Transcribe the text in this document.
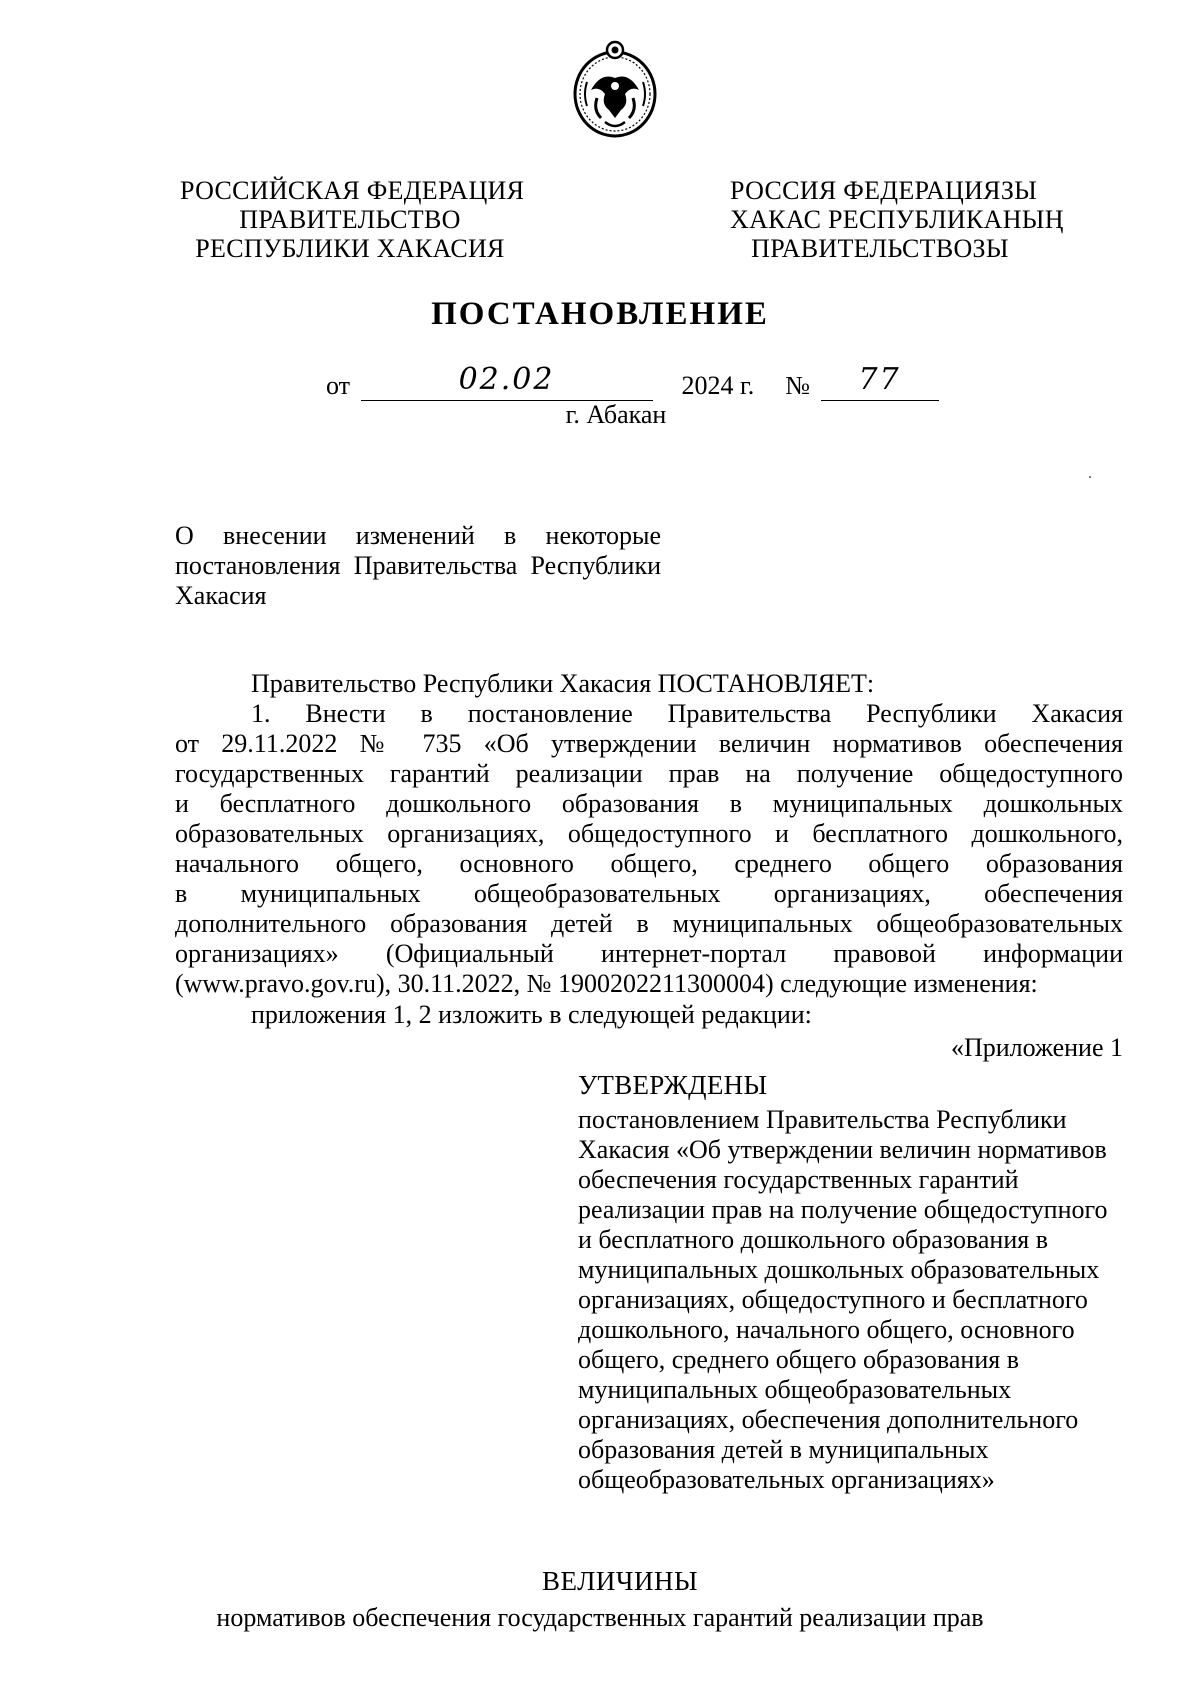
РОССИЙСКАЯ ФЕДЕРАЦИЯ
ПРАВИТЕЛЬСТВО
РЕСПУБЛИКИ ХАКАСИЯ
РОССИЯ ФЕДЕРАЦИЯЗЫ
ХАКАС РЕСПУБЛИКАНЫҢ
ПРАВИТЕЛЬСТВОЗЫ
ПОСТАНОВЛЕНИЕ
от	02.02	2024 г. № 77
г. Абакан
О внесении изменений в некоторые
постановления Правительства Республики
Хакасия
Правительство Республики Хакасия ПОСТАНОВЛЯЕТ:
1. Внести в постановление Правительства Республики Хакасия
от 29.11.2022 № 735 «Об утверждении величин нормативов обеспечения
государственных гарантий реализации прав на получение общедоступного
и бесплатного дошкольного образования в муниципальных дошкольных
образовательных организациях, общедоступного и бесплатного дошкольного,
начального общего, основного общего, среднего общего образования
в муниципальных общеобразовательных организациях, обеспечения
дополнительного образования детей в муниципальных общеобразовательных
организациях» (Официальный интернет-портал правовой информации
(www.pravo.gov.ru), 30.11.2022, № 1900202211300004) следующие изменения:
приложения 1, 2 изложить в следующей редакции:
«Приложение 1
УТВЕРЖДЕНЫ
постановлением Правительства Республики
Хакасия «Об утверждении величин нормативов
обеспечения государственных гарантий
реализации прав на получение общедоступного
и бесплатного дошкольного образования в
муниципальных дошкольных образовательных
организациях, общедоступного и бесплатного
дошкольного, начального общего, основного
общего, среднего общего образования в
муниципальных общеобразовательных
организациях, обеспечения дополнительного
образования детей в муниципальных
общеобразовательных организациях»
ВЕЛИЧИНЫ
нормативов обеспечения государственных гарантий реализации прав
